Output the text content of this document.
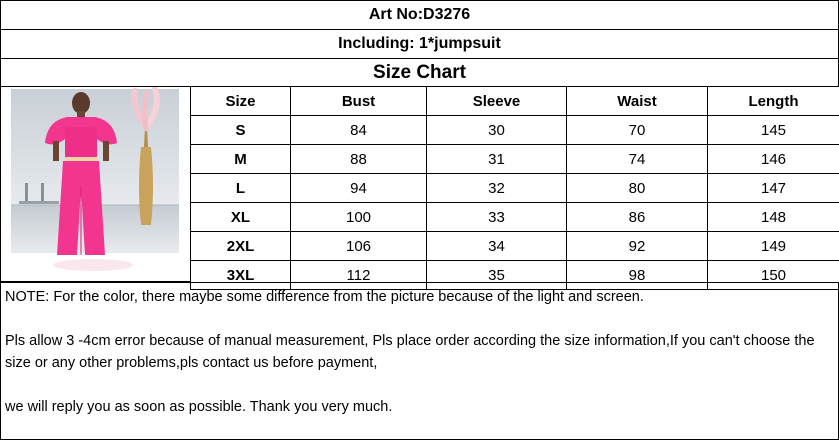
Art No:D3276
Including: 1*jumpsuit
Size Chart
Size	Bust	Sleeve	Waist	Length
S	84	30	70	145
M	88	31	74	146
L	94	32	80	147
XL	100	33	86	148
2XL	106	34	92	149
3XL	112	35	98	150

NOTE: For the color, there maybe some difference from the picture because of the light and screen.

Pls allow 3 -4cm error because of manual measurement, Pls place order according the size information,If you can't choose the size or any other problems,pls contact us before payment,

we will reply you as soon as possible. Thank you very much.
